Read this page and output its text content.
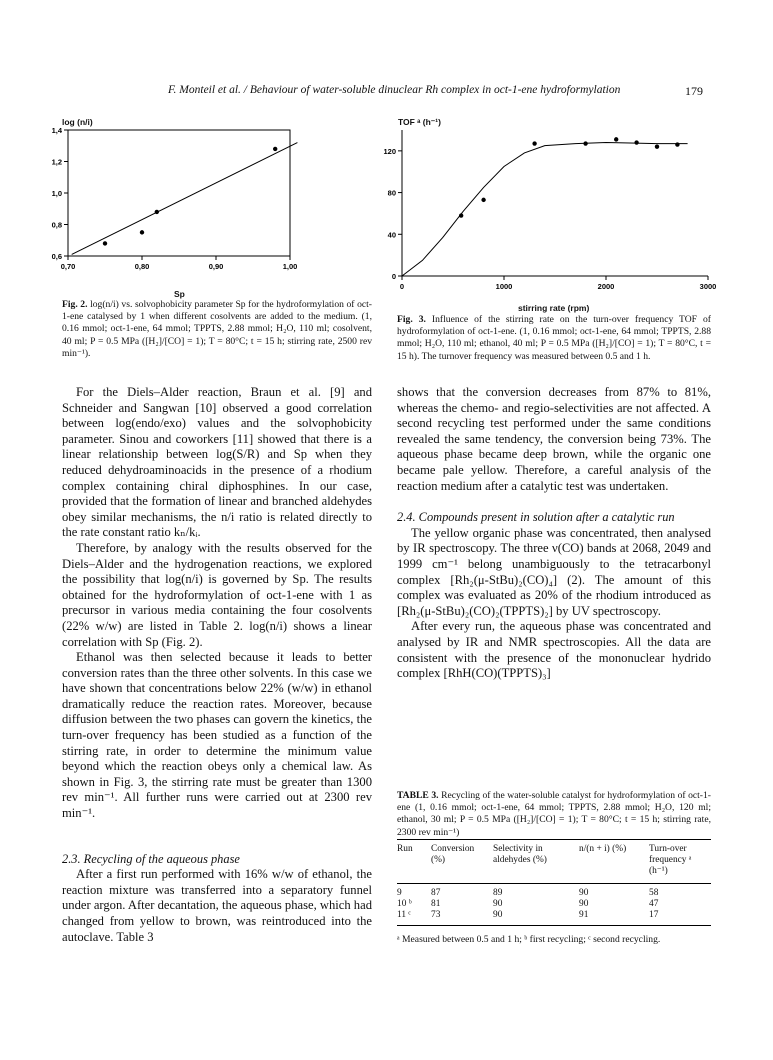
F. Monteil et al. / Behaviour of water-soluble dinuclear Rh complex in oct-1-ene hydroformylation	179
log (n/i)
0,70	0,80	0,90	1,00
0,6
0,8
1,0
1,2
1,4
Sp
Fig. 2. log(n/i) vs. solvophobicity parameter Sp for the hydroformylation of oct-1-ene catalysed by 1 when different cosolvents are added to the medium. (1, 0.16 mmol; oct-1-ene, 64 mmol; TPPTS, 2.88 mmol; H₂O, 110 ml; cosolvent, 40 ml; P = 0.5 MPa ([H₂]/[CO] = 1); T = 80°C; t = 15 h; stirring rate, 2500 rev min⁻¹).
TOF ᵃ (h⁻¹)
0	1000	2000	3000
0
40
80
120
stirring rate (rpm)
Fig. 3. Influence of the stirring rate on the turn-over frequency TOF of hydroformylation of oct-1-ene. (1, 0.16 mmol; oct-1-ene, 64 mmol; TPPTS, 2.88 mmol; H₂O, 110 ml; ethanol, 40 ml; P = 0.5 MPa ([H₂]/[CO] = 1); T = 80°C, t = 15 h). The turnover frequency was measured between 0.5 and 1 h.

For the Diels–Alder reaction, Braun et al. [9] and Schneider and Sangwan [10] observed a good correlation between log(endo/exo) values and the solvophobicity parameter. Sinou and coworkers [11] showed that there is a linear relationship between log(S/R) and Sp when they reduced dehydroaminoacids in the presence of a rhodium complex containing chiral diphosphines. In our case, provided that the formation of linear and branched aldehydes obey similar mechanisms, the n/i ratio is related directly to the rate constant ratio kₙ/kᵢ.

Therefore, by analogy with the results observed for the Diels–Alder and the hydrogenation reactions, we explored the possibility that log(n/i) is governed by Sp. The results obtained for the hydroformylation of oct-1-ene with 1 as precursor in various media containing the four cosolvents (22% w/w) are listed in Table 2. log(n/i) shows a linear correlation with Sp (Fig. 2).

Ethanol was then selected because it leads to better conversion rates than the three other solvents. In this case we have shown that concentrations below 22% (w/w) in ethanol dramatically reduce the reaction rates. Moreover, because diffusion between the two phases can govern the kinetics, the turn-over frequency has been studied as a function of the stirring rate, in order to determine the minimum value beyond which the reaction obeys only a chemical law. As shown in Fig. 3, the stirring rate must be greater than 1300 rev min⁻¹. All further runs were carried out at 2300 rev min⁻¹.

2.3. Recycling of the aqueous phase

After a first run performed with 16% w/w of ethanol, the reaction mixture was transferred into a separatory funnel under argon. After decantation, the aqueous phase, which had changed from yellow to brown, was reintroduced into the autoclave. Table 3

shows that the conversion decreases from 87% to 81%, whereas the chemo- and regio-selectivities are not affected. A second recycling test performed under the same conditions revealed the same tendency, the conversion being 73%. The aqueous phase became deep brown, while the organic one became pale yellow. Therefore, a careful analysis of the reaction medium after a catalytic test was undertaken.

2.4. Compounds present in solution after a catalytic run

The yellow organic phase was concentrated, then analysed by IR spectroscopy. The three ν(CO) bands at 2068, 2049 and 1999 cm⁻¹ belong unambiguously to the tetracarbonyl complex [Rh₂(μ-StBu)₂(CO)₄] (2). The amount of this complex was evaluated as 20% of the rhodium introduced as [Rh₂(μ-StBu)₂(CO)₂(TPPTS)₂] by UV spectroscopy.

After every run, the aqueous phase was concentrated and analysed by IR and NMR spectroscopies. All the data are consistent with the presence of the mononuclear hydrido complex [RhH(CO)(TPPTS)₃]

TABLE 3. Recycling of the water-soluble catalyst for hydroformylation of oct-1-ene (1, 0.16 mmol; oct-1-ene, 64 mmol; TPPTS, 2.88 mmol; H₂O, 120 ml; ethanol, 30 ml; P = 0.5 MPa ([H₂]/[CO] = 1); T = 80°C; t = 15 h; stirring rate, 2300 rev min⁻¹)
Run	Conversion (%)	Selectivity in aldehydes (%)	n/(n + i) (%)	Turn-over frequency ᵃ (h⁻¹)

9	87	89	90	58
10 ᵇ	81	90	90	47
11 ᶜ	73	90	91	17

ᵃ Measured between 0.5 and 1 h; ᵇ first recycling; ᶜ second recycling.
